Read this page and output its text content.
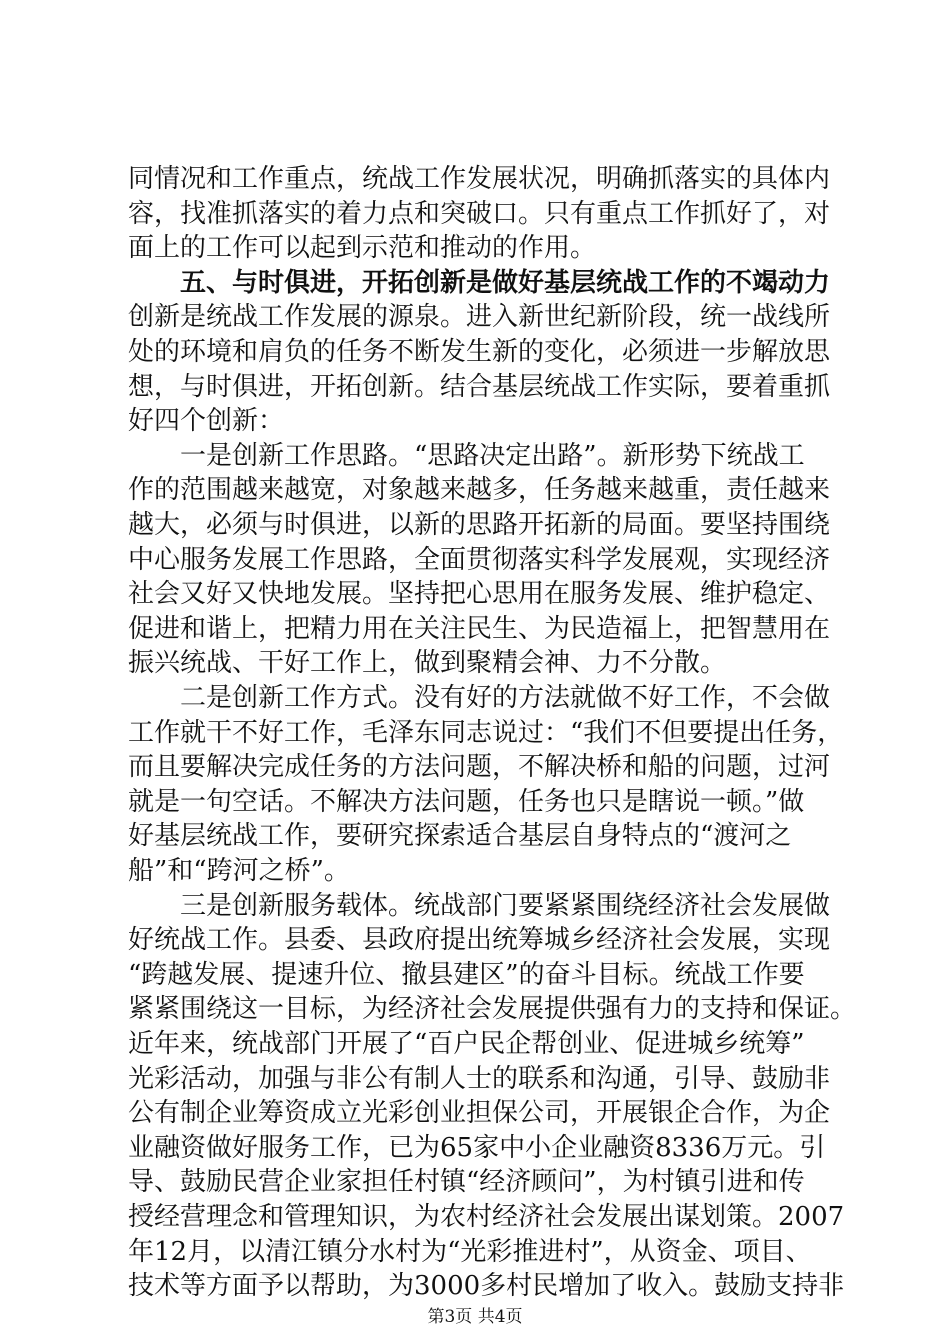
同情况和工作重点，统战工作发展状况，明确抓落实的具体内
容，找准抓落实的着力点和突破口。只有重点工作抓好了，对
面上的工作可以起到示范和推动的作用。
五、与时俱进，开拓创新是做好基层统战工作的不竭动力
创新是统战工作发展的源泉。进入新世纪新阶段，统一战线所
处的环境和肩负的任务不断发生新的变化，必须进一步解放思
想，与时俱进，开拓创新。结合基层统战工作实际，要着重抓
好四个创新：
一是创新工作思路。“思路决定出路”。新形势下统战工
作的范围越来越宽，对象越来越多，任务越来越重，责任越来
越大，必须与时俱进，以新的思路开拓新的局面。要坚持围绕
中心服务发展工作思路，全面贯彻落实科学发展观，实现经济
社会又好又快地发展。坚持把心思用在服务发展、维护稳定、
促进和谐上，把精力用在关注民生、为民造福上，把智慧用在
振兴统战、干好工作上，做到聚精会神、力不分散。
二是创新工作方式。没有好的方法就做不好工作，不会做
工作就干不好工作，毛泽东同志说过：“我们不但要提出任务，
而且要解决完成任务的方法问题，不解决桥和船的问题，过河
就是一句空话。不解决方法问题，任务也只是瞎说一顿。”做
好基层统战工作，要研究探索适合基层自身特点的“渡河之
船”和“跨河之桥”。
三是创新服务载体。统战部门要紧紧围绕经济社会发展做
好统战工作。县委、县政府提出统筹城乡经济社会发展，实现
“跨越发展、提速升位、撤县建区”的奋斗目标。统战工作要
紧紧围绕这一目标，为经济社会发展提供强有力的支持和保证。
近年来，统战部门开展了“百户民企帮创业、促进城乡统筹”
光彩活动，加强与非公有制人士的联系和沟通，引导、鼓励非
公有制企业筹资成立光彩创业担保公司，开展银企合作，为企
业融资做好服务工作，已为65家中小企业融资8336万元。引
导、鼓励民营企业家担任村镇“经济顾问”，为村镇引进和传
授经营理念和管理知识，为农村经济社会发展出谋划策。2007
年12月，以清江镇分水村为“光彩推进村”，从资金、项目、
技术等方面予以帮助，为3000多村民增加了收入。鼓励支持非
第3页 共4页
